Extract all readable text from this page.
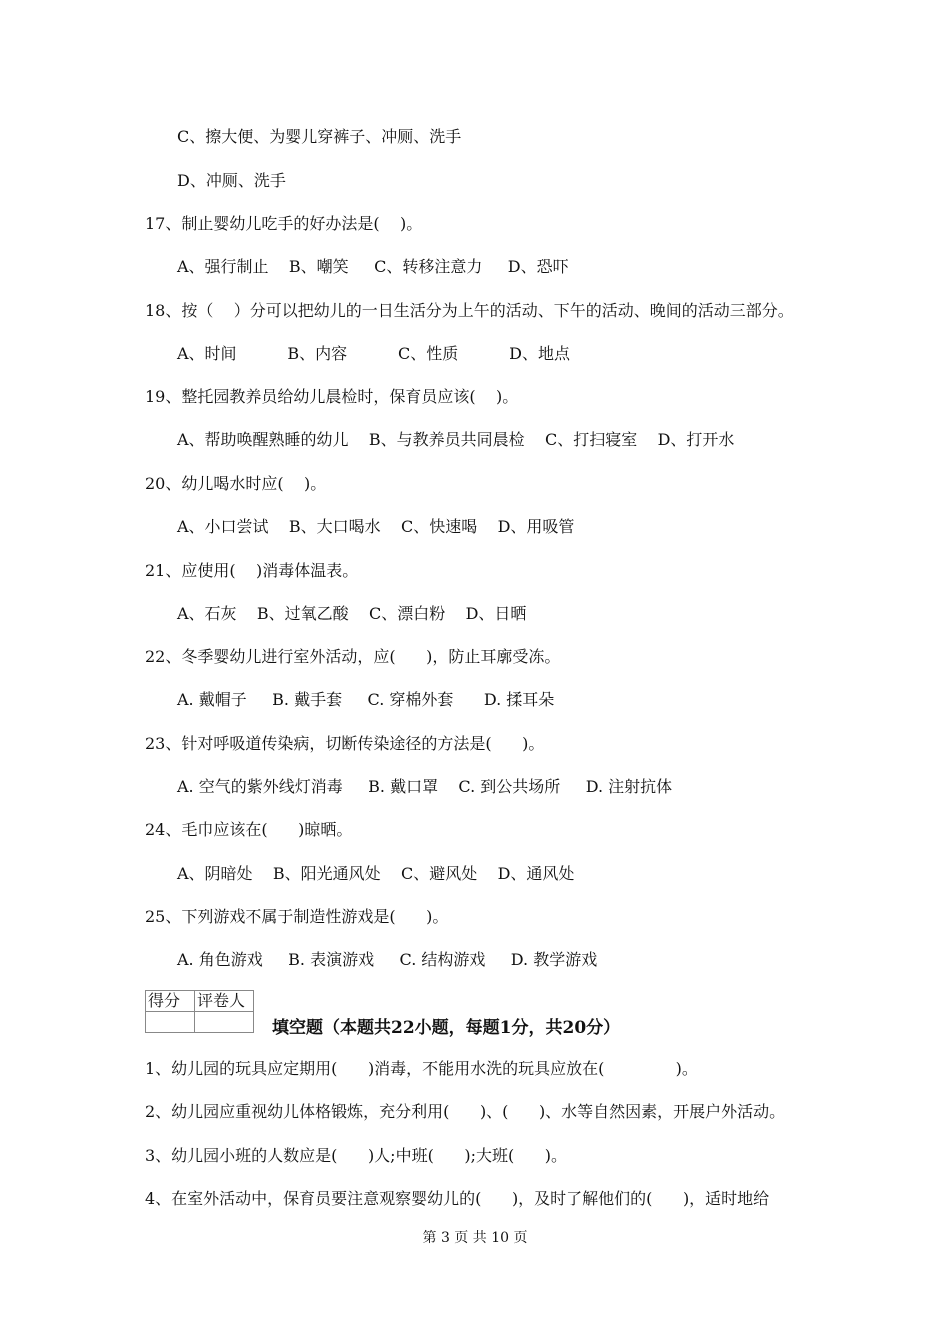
C、擦大便、为婴儿穿裤子、冲厕、洗手
D、冲厕、洗手
17、制止婴幼儿吃手的好办法是(    )。
A、强行制止    B、嘲笑     C、转移注意力     D、恐吓
18、按（    ）分可以把幼儿的一日生活分为上午的活动、下午的活动、晚间的活动三部分。
A、时间          B、内容          C、性质          D、地点
19、整托园教养员给幼儿晨检时，保育员应该(    )。
A、帮助唤醒熟睡的幼儿    B、与教养员共同晨检    C、打扫寝室    D、打开水
20、幼儿喝水时应(    )。
A、小口尝试    B、大口喝水    C、快速喝    D、用吸管
21、应使用(    )消毒体温表。
A、石灰    B、过氧乙酸    C、漂白粉    D、日晒
22、冬季婴幼儿进行室外活动，应(      )，防止耳廓受冻。
A. 戴帽子     B. 戴手套     C. 穿棉外套      D. 揉耳朵
23、针对呼吸道传染病，切断传染途径的方法是(      )。
A. 空气的紫外线灯消毒     B. 戴口罩    C. 到公共场所     D. 注射抗体
24、毛巾应该在(      )晾晒。
A、阴暗处    B、阳光通风处    C、避风处    D、通风处
25、下列游戏不属于制造性游戏是(      )。
A. 角色游戏     B. 表演游戏     C. 结构游戏     D. 教学游戏
得分	评卷人

填空题（本题共22小题，每题1分，共20分）
1、幼儿园的玩具应定期用(      )消毒，不能用水洗的玩具应放在(              )。
2、幼儿园应重视幼儿体格锻炼，充分利用(      )、(      )、水等自然因素，开展户外活动。
3、幼儿园小班的人数应是(      )人;中班(      );大班(      )。
4、在室外活动中，保育员要注意观察婴幼儿的(      )，及时了解他们的(      )，适时地给
第 3 页 共 10 页
